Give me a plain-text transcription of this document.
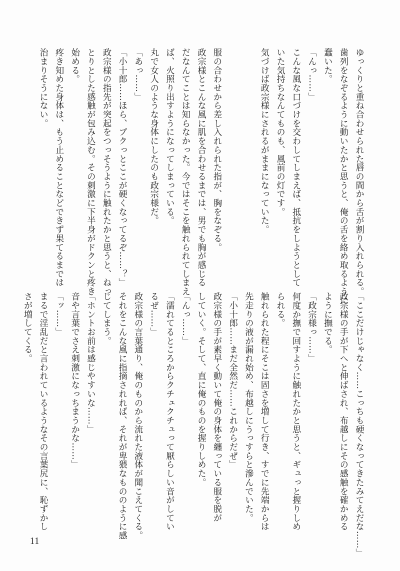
ゆっくりと重ね合わせられた唇の間から舌が割り入れられる。
歯列をなぞるように動いたかと思うと、俺の舌を絡め取るように
蠢いた。
「んっ……」
こんな風な口づけを交わしてしまえば、抵抗をしようとして
いた気持ちなんてものも、風前の灯です。
気づけば政宗様にされるがままになっていた。

服の合わせから差し入れられた指が、胸をなぞる。
政宗様とこんな風に肌を合わせるまでは、男でも胸が感じる
だなんてことは知らなかった。今ではそこを触れられてしまえ
ば、火照り出すようになってしまっている。
丸で女人のような身体にしたのも政宗様だ。
「あっ……」
「小十郎……ほら、ブクっとここが硬くなってるぞ……？」
政宗様の指先が突起をつっそうように触れたかと思うと、ねっ
とりとした感触が包み込む。その刺激に下半身がドクンと疼き
始める。
疼き知めた身体は、もう止めることなどできず果てるまでは
治まりそうにない。
「ここだけじゃなく……こっちも硬くなってきたみてえだな……」
政宗様の手が下へと伸ばされ、布越しにその感触を確かめる
ように撫でる。
「政宗様っ……」
何度か撫で回すように触れたかと思うと、ギュっと握りしめ
られる。
触れられた程にそこは固さを増して行き、すでに先端からは
先走りの液が漏れ始め、布越しにうっすらと滲んでいた。
「小十郎……まだ全然だ……これからだぜ」
政宗様の手が素早く動いて俺の身体を纏っている服を脱が
していく。そして、直に俺のものを握りしめた。
「んっ……」
「濡れてるところからクチュクチュって厭らしい音がしてい
るぜ……」
政宗様の言葉通り、俺のものから流れた液体が聞こえてくる。
それをこんな風に指摘されれば、それが卑猥なもののように感
じてしまう。
「ホントお前は感じやすいな……」
音や言葉でさえ刺激になっちまうかな……」
「ッ……」
まるで淫乱だと言われているようなその言葉尻に、恥ずかし
さが増してくる。
11
